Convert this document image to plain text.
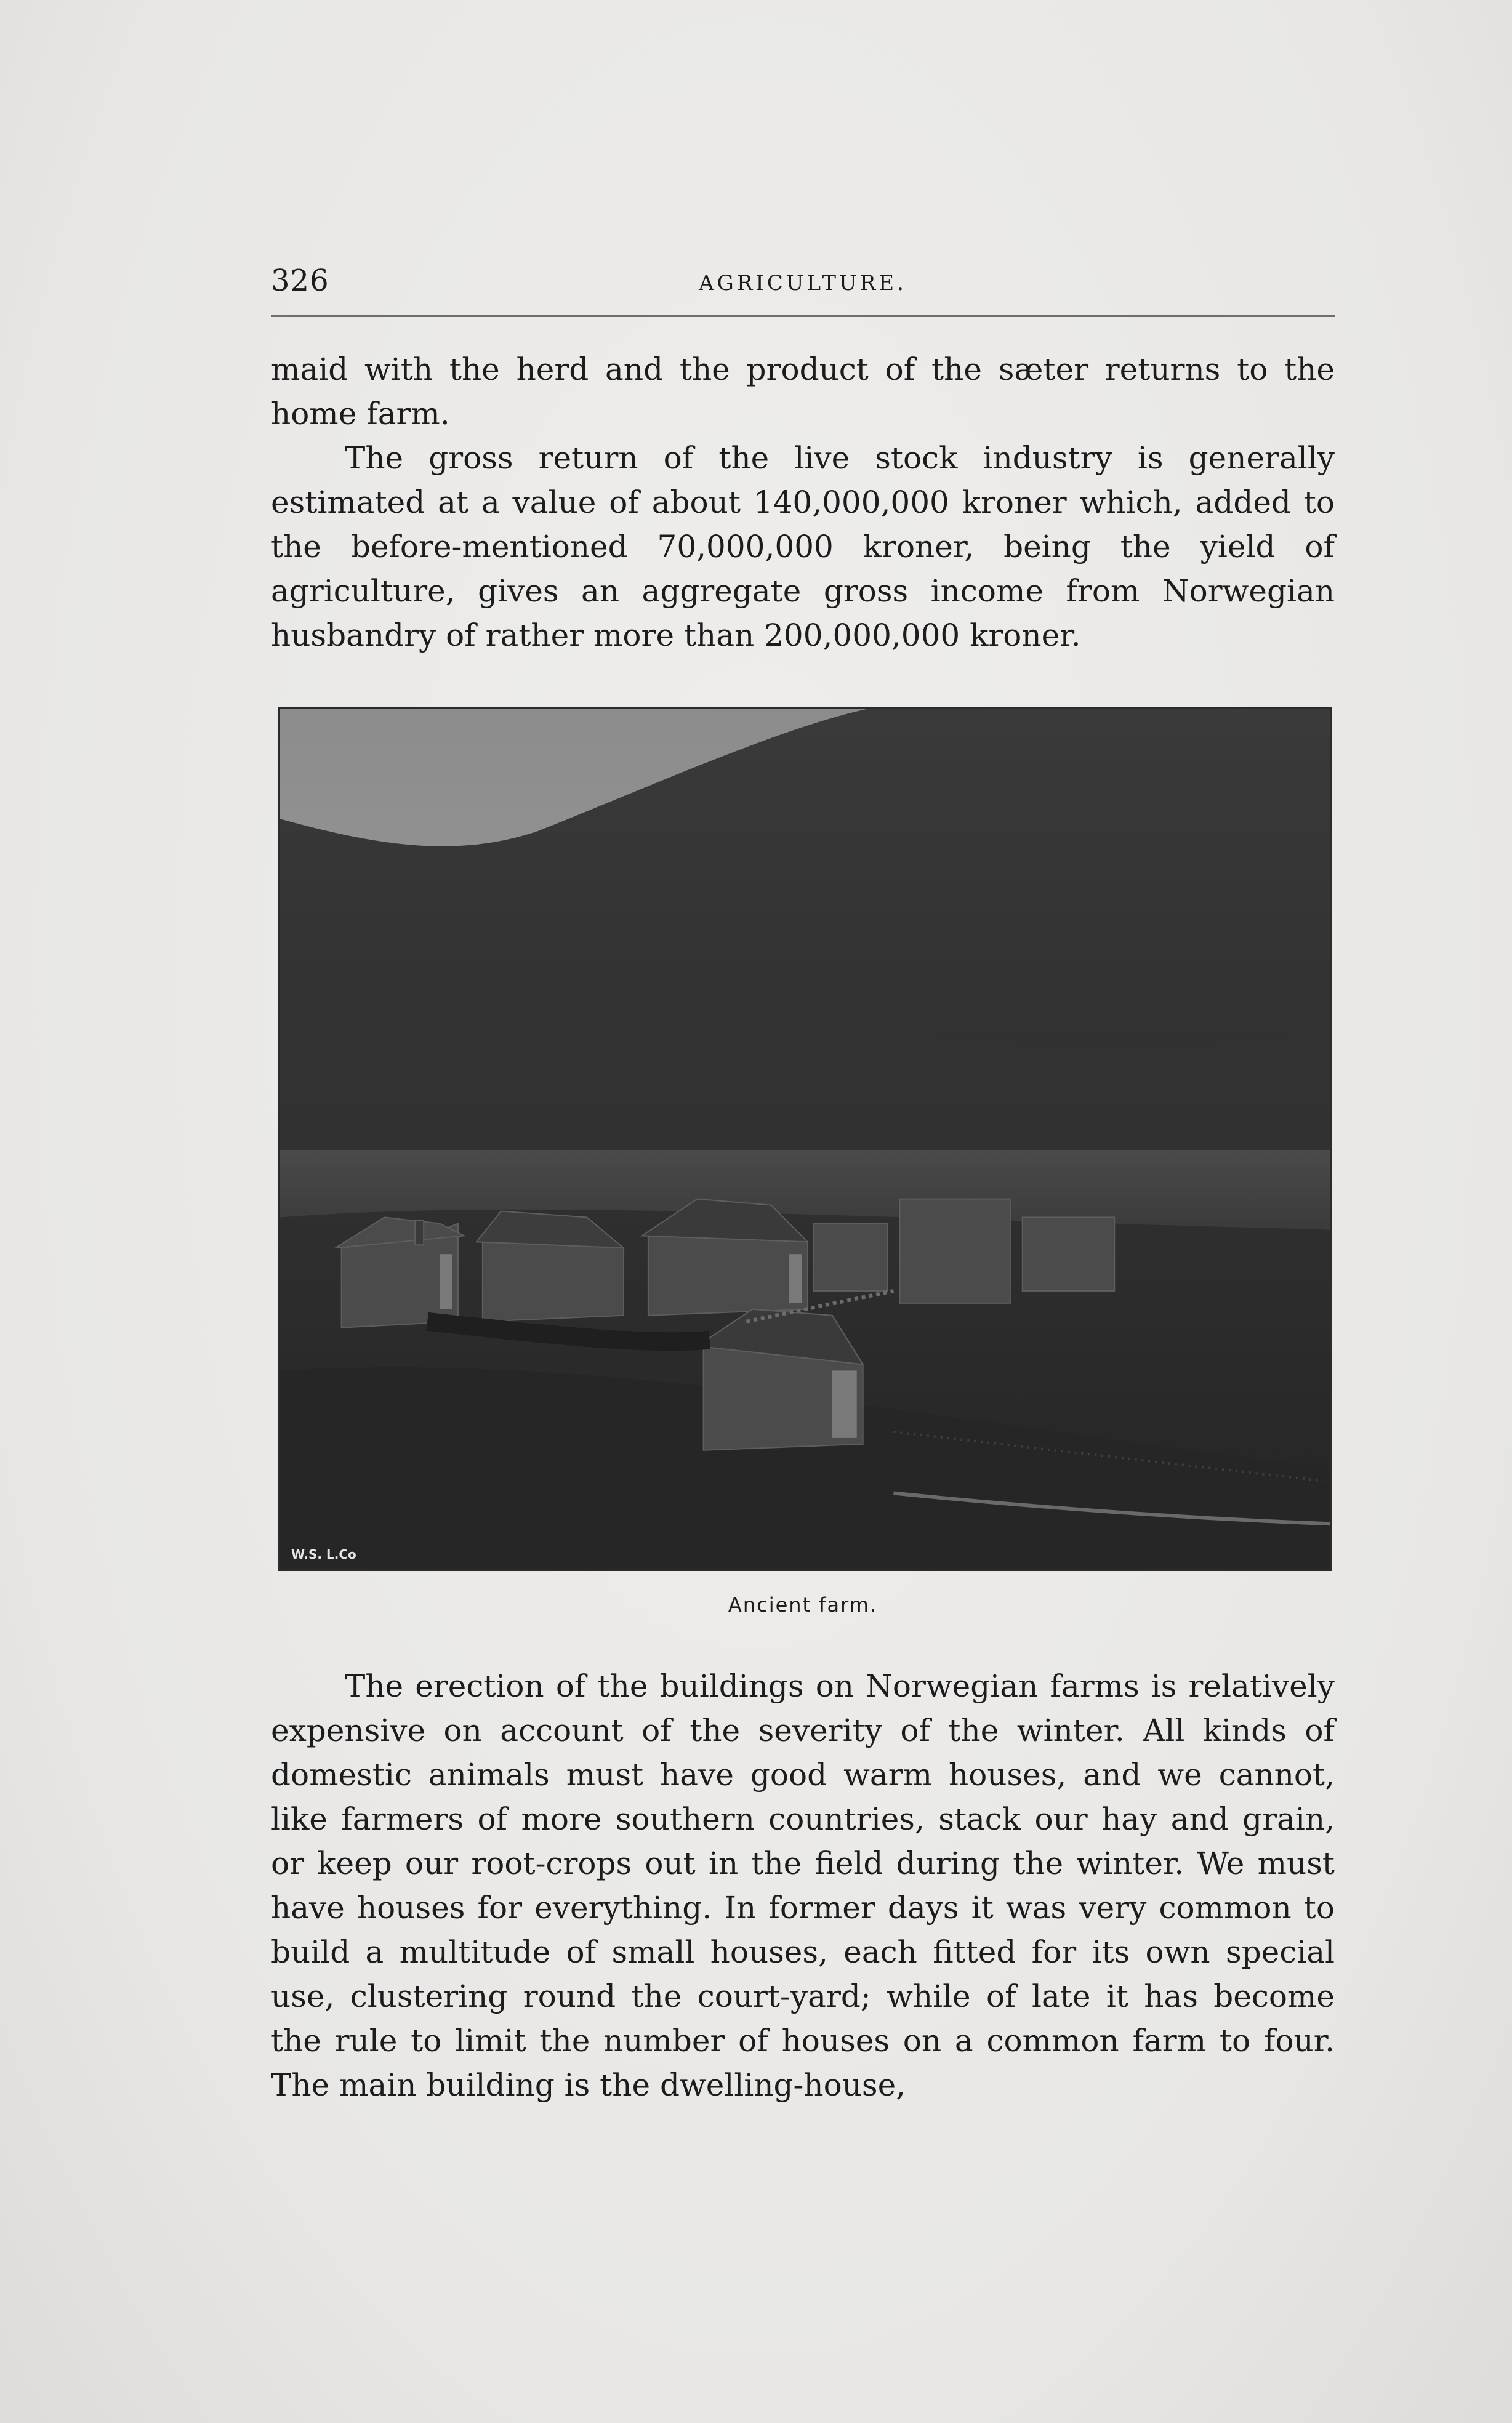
326	AGRICULTURE.

maid with the herd and the product of the sæter returns to the home farm.

The gross return of the live stock industry is generally estimated at a value of about 140,000,000 kroner which, added to the before-mentioned 70,000,000 kroner, being the yield of agriculture, gives an aggregate gross income from Norwegian husbandry of rather more than 200,000,000 kroner.

W.S. L.Co
Ancient farm.

The erection of the buildings on Norwegian farms is relatively expensive on account of the severity of the winter. All kinds of domestic animals must have good warm houses, and we cannot, like farmers of more southern countries, stack our hay and grain, or keep our root-crops out in the field during the winter. We must have houses for everything. In former days it was very common to build a multitude of small houses, each fitted for its own special use, clustering round the court-yard; while of late it has become the rule to limit the number of houses on a common farm to four. The main building is the dwelling-house,
